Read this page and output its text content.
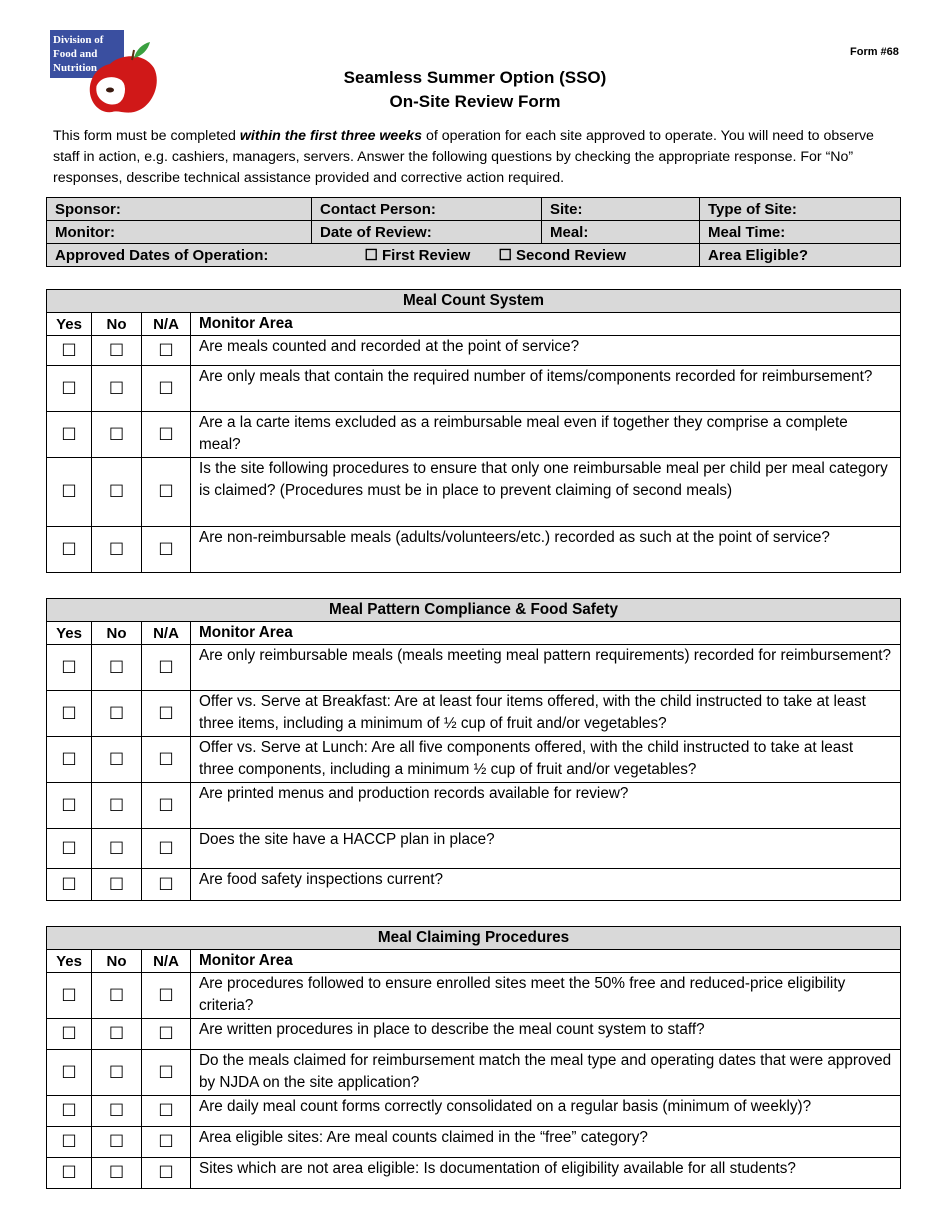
Division of
Food and
Nutrition
Form #68
Seamless Summer Option (SSO)
On-Site Review Form
This form must be completed within the first three weeks of operation for each site approved to operate. You will need to observe staff in action, e.g. cashiers, managers, servers. Answer the following questions by checking the appropriate response. For “No” responses, describe technical assistance provided and corrective action required.
Sponsor:	Contact Person:	Site:	Type of Site:
Monitor:	Date of Review:	Meal:	Meal Time:
Approved Dates of Operation: ☐ First Review ☐ Second Review			Area Eligible?
Meal Count System			
Yes	No	N/A	Monitor Area
☐	☐	☐	Are meals counted and recorded at the point of service?
☐	☐	☐	Are only meals that contain the required number of items/components recorded for reimbursement?
☐	☐	☐	Are a la carte items excluded as a reimbursable meal even if together they comprise a complete meal?
☐	☐	☐	Is the site following procedures to ensure that only one reimbursable meal per child per meal category is claimed? (Procedures must be in place to prevent claiming of second meals)
☐	☐	☐	Are non-reimbursable meals (adults/volunteers/etc.) recorded as such at the point of service?
Meal Pattern Compliance & Food Safety			
Yes	No	N/A	Monitor Area
☐	☐	☐	Are only reimbursable meals (meals meeting meal pattern requirements) recorded for reimbursement?
☐	☐	☐	Offer vs. Serve at Breakfast: Are at least four items offered, with the child instructed to take at least three items, including a minimum of ½ cup of fruit and/or vegetables?
☐	☐	☐	Offer vs. Serve at Lunch: Are all five components offered, with the child instructed to take at least three components, including a minimum ½ cup of fruit and/or vegetables?
☐	☐	☐	Are printed menus and production records available for review?
☐	☐	☐	Does the site have a HACCP plan in place?
☐	☐	☐	Are food safety inspections current?
Meal Claiming Procedures			
Yes	No	N/A	Monitor Area
☐	☐	☐	Are procedures followed to ensure enrolled sites meet the 50% free and reduced-price eligibility criteria?
☐	☐	☐	Are written procedures in place to describe the meal count system to staff?
☐	☐	☐	Do the meals claimed for reimbursement match the meal type and operating dates that were approved by NJDA on the site application?
☐	☐	☐	Are daily meal count forms correctly consolidated on a regular basis (minimum of weekly)?
☐	☐	☐	Area eligible sites: Are meal counts claimed in the “free” category?
☐	☐	☐	Sites which are not area eligible: Is documentation of eligibility available for all students?
